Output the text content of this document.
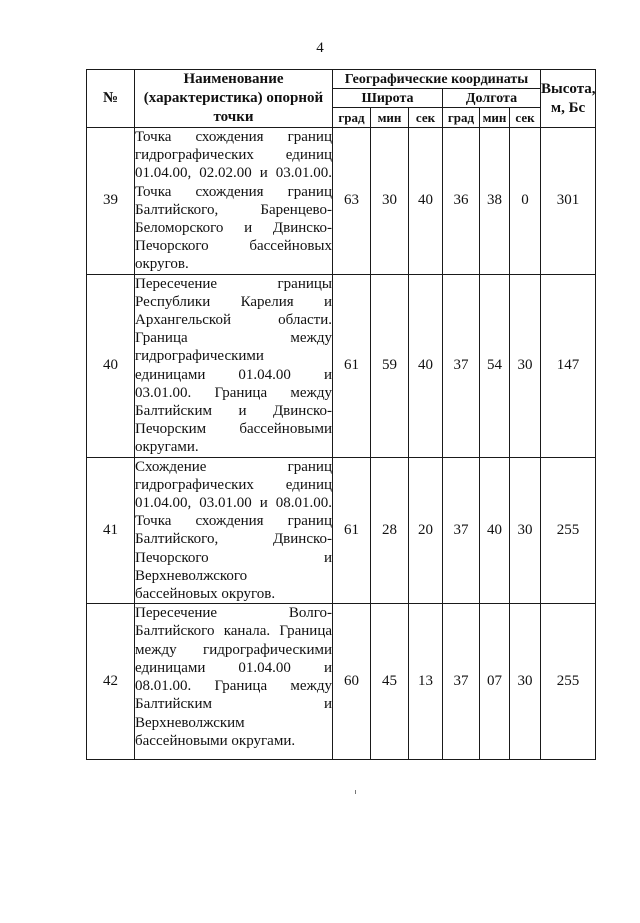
4
№	Наименование (характеристика) опорной точки	Географические координаты						Высота, м, Бс
		Широта			Долгота			
		град	мин	сек	град	мин	сек	
39	Точка схождения границ гидрографических единиц 01.04.00, 02.02.00 и 03.01.00. Точка схождения границ Балтийского, Баренцево-Беломорского и Двинско-Печорского бассейновых округов.	63	30	40	36	38	0	301
40	Пересечение границы Республики Карелия и Архангельской области. Граница между гидрографическими единицами 01.04.00 и 03.01.00. Граница между Балтийским и Двинско-Печорским бассейновыми округами.	61	59	40	37	54	30	147
41	Схождение границ гидрографических единиц 01.04.00, 03.01.00 и 08.01.00. Точка схождения границ Балтийского, Двинско-Печорского и Верхневолжского бассейновых округов.	61	28	20	37	40	30	255
42	Пересечение Волго-Балтийского канала. Граница между гидрографическими единицами 01.04.00 и 08.01.00. Граница между Балтийским и Верхневолжским бассейновыми округами.	60	45	13	37	07	30	255
